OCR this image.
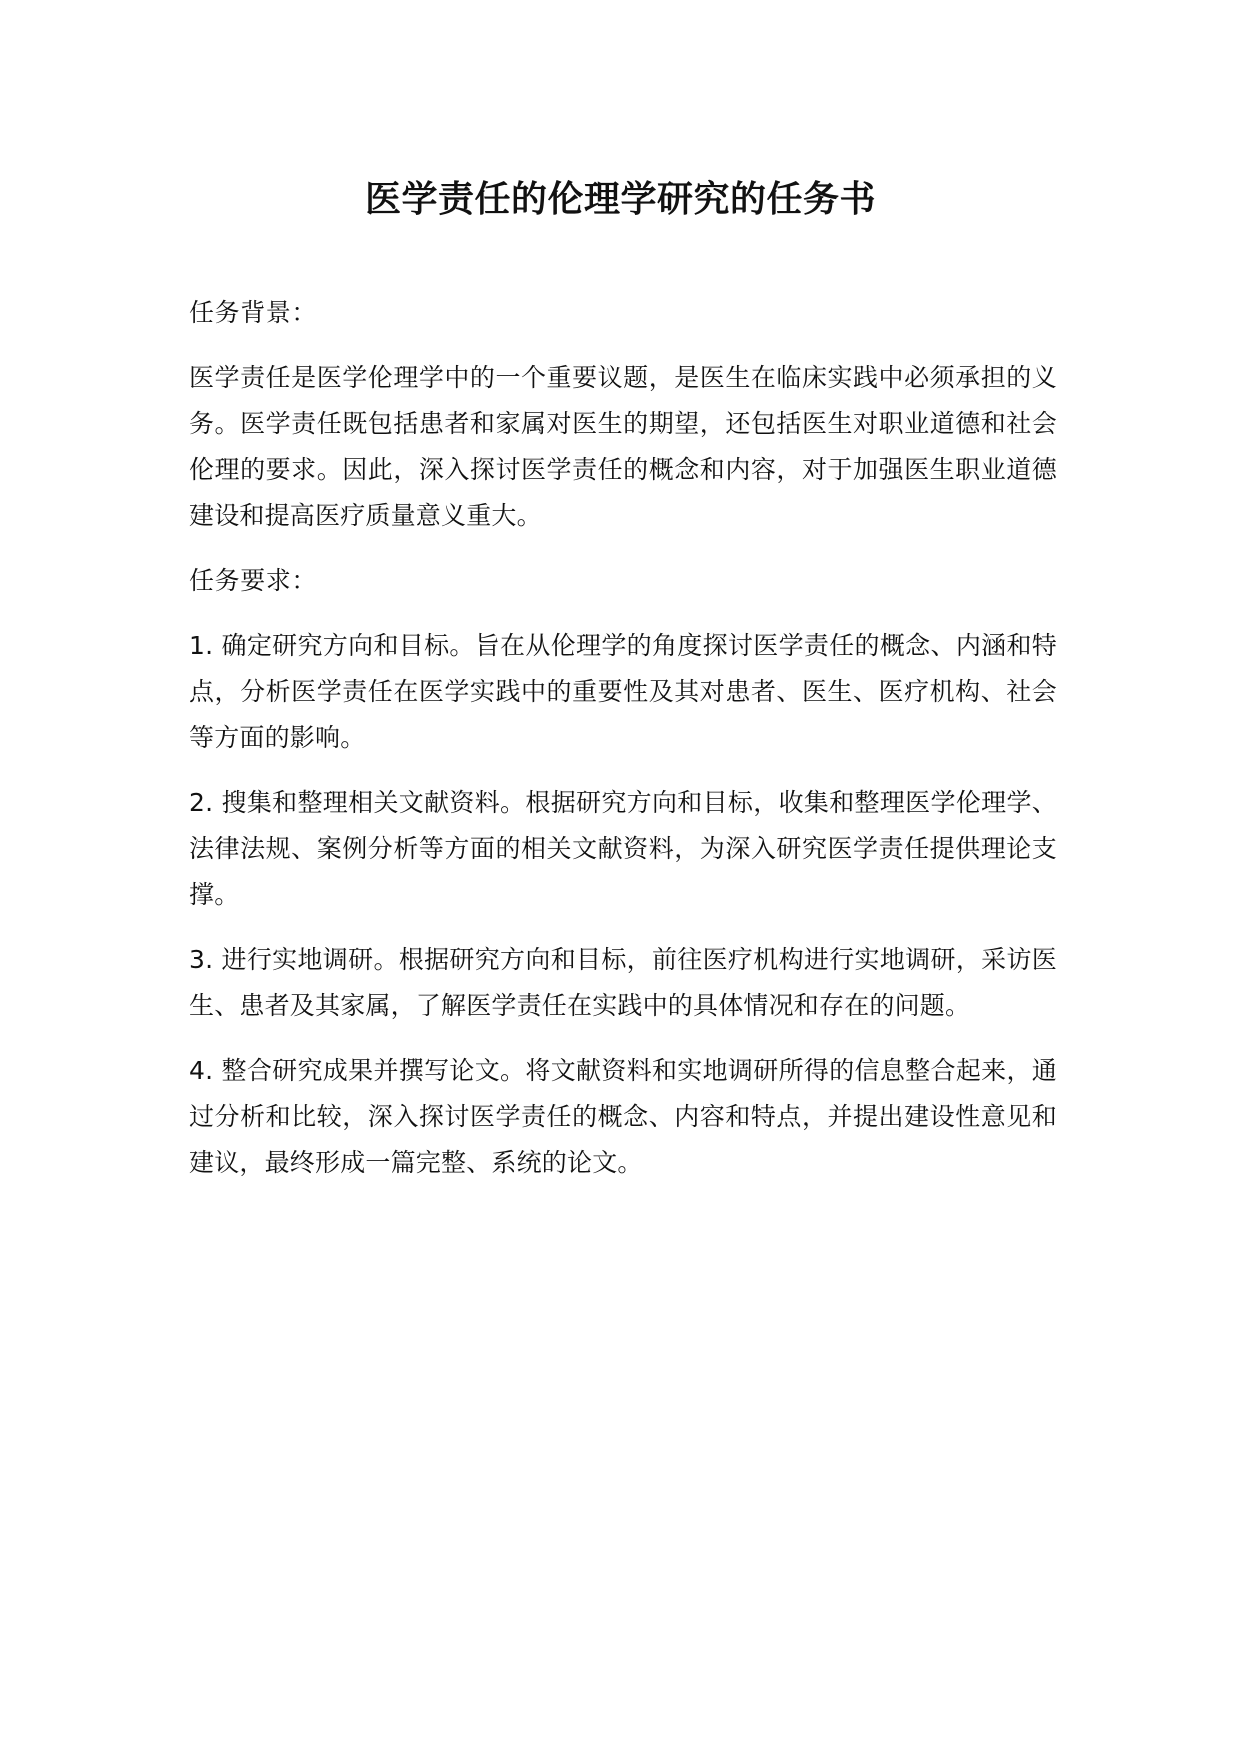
医学责任的伦理学研究的任务书

任务背景：

医学责任是医学伦理学中的一个重要议题，是医生在临床实践中必须承担的义务。医学责任既包括患者和家属对医生的期望，还包括医生对职业道德和社会伦理的要求。因此，深入探讨医学责任的概念和内容，对于加强医生职业道德建设和提高医疗质量意义重大。

任务要求：

1. 确定研究方向和目标。旨在从伦理学的角度探讨医学责任的概念、内涵和特点，分析医学责任在医学实践中的重要性及其对患者、医生、医疗机构、社会等方面的影响。

2. 搜集和整理相关文献资料。根据研究方向和目标，收集和整理医学伦理学、法律法规、案例分析等方面的相关文献资料，为深入研究医学责任提供理论支撑。

3. 进行实地调研。根据研究方向和目标，前往医疗机构进行实地调研，采访医生、患者及其家属，了解医学责任在实践中的具体情况和存在的问题。

4. 整合研究成果并撰写论文。将文献资料和实地调研所得的信息整合起来，通过分析和比较，深入探讨医学责任的概念、内容和特点，并提出建设性意见和建议，最终形成一篇完整、系统的论文。
